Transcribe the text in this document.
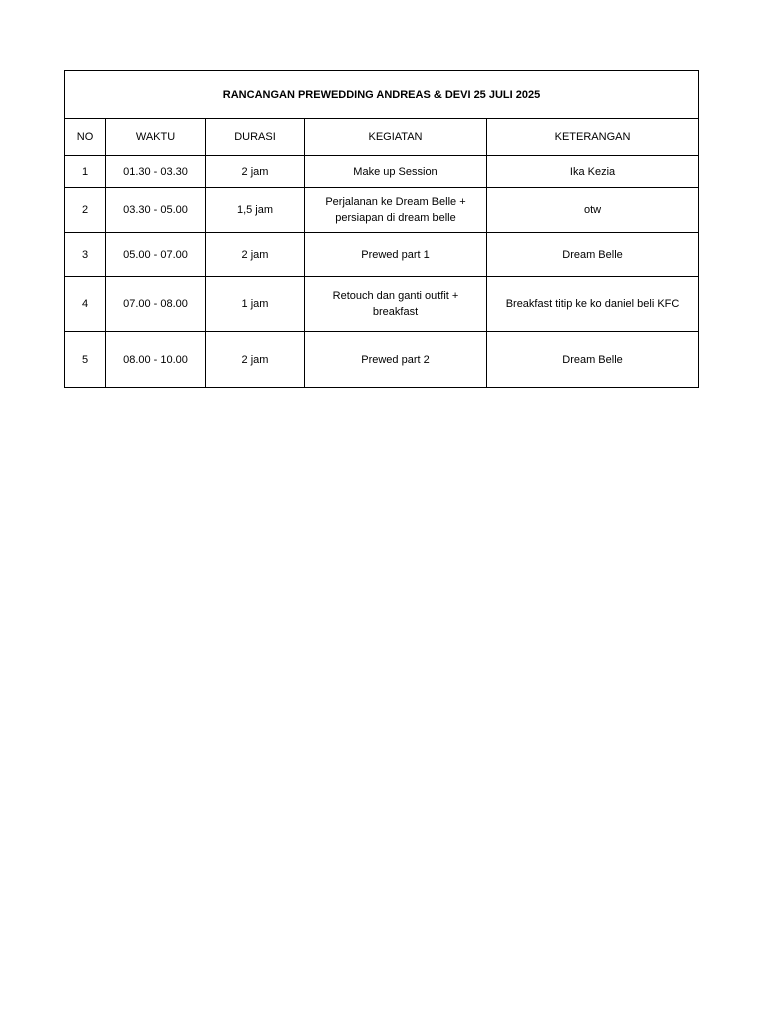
RANCANGAN PREWEDDING ANDREAS & DEVI 25 JULI 2025				
NO	WAKTU	DURASI	KEGIATAN	KETERANGAN
1	01.30 - 03.30	2 jam	Make up Session	Ika Kezia
2	03.30 - 05.00	1,5 jam	Perjalanan ke Dream Belle + persiapan di dream belle	otw
3	05.00 - 07.00	2 jam	Prewed part 1	Dream Belle
4	07.00 - 08.00	1 jam	Retouch dan ganti outfit + breakfast	Breakfast titip ke ko daniel beli KFC
5	08.00 - 10.00	2 jam	Prewed part 2	Dream Belle
